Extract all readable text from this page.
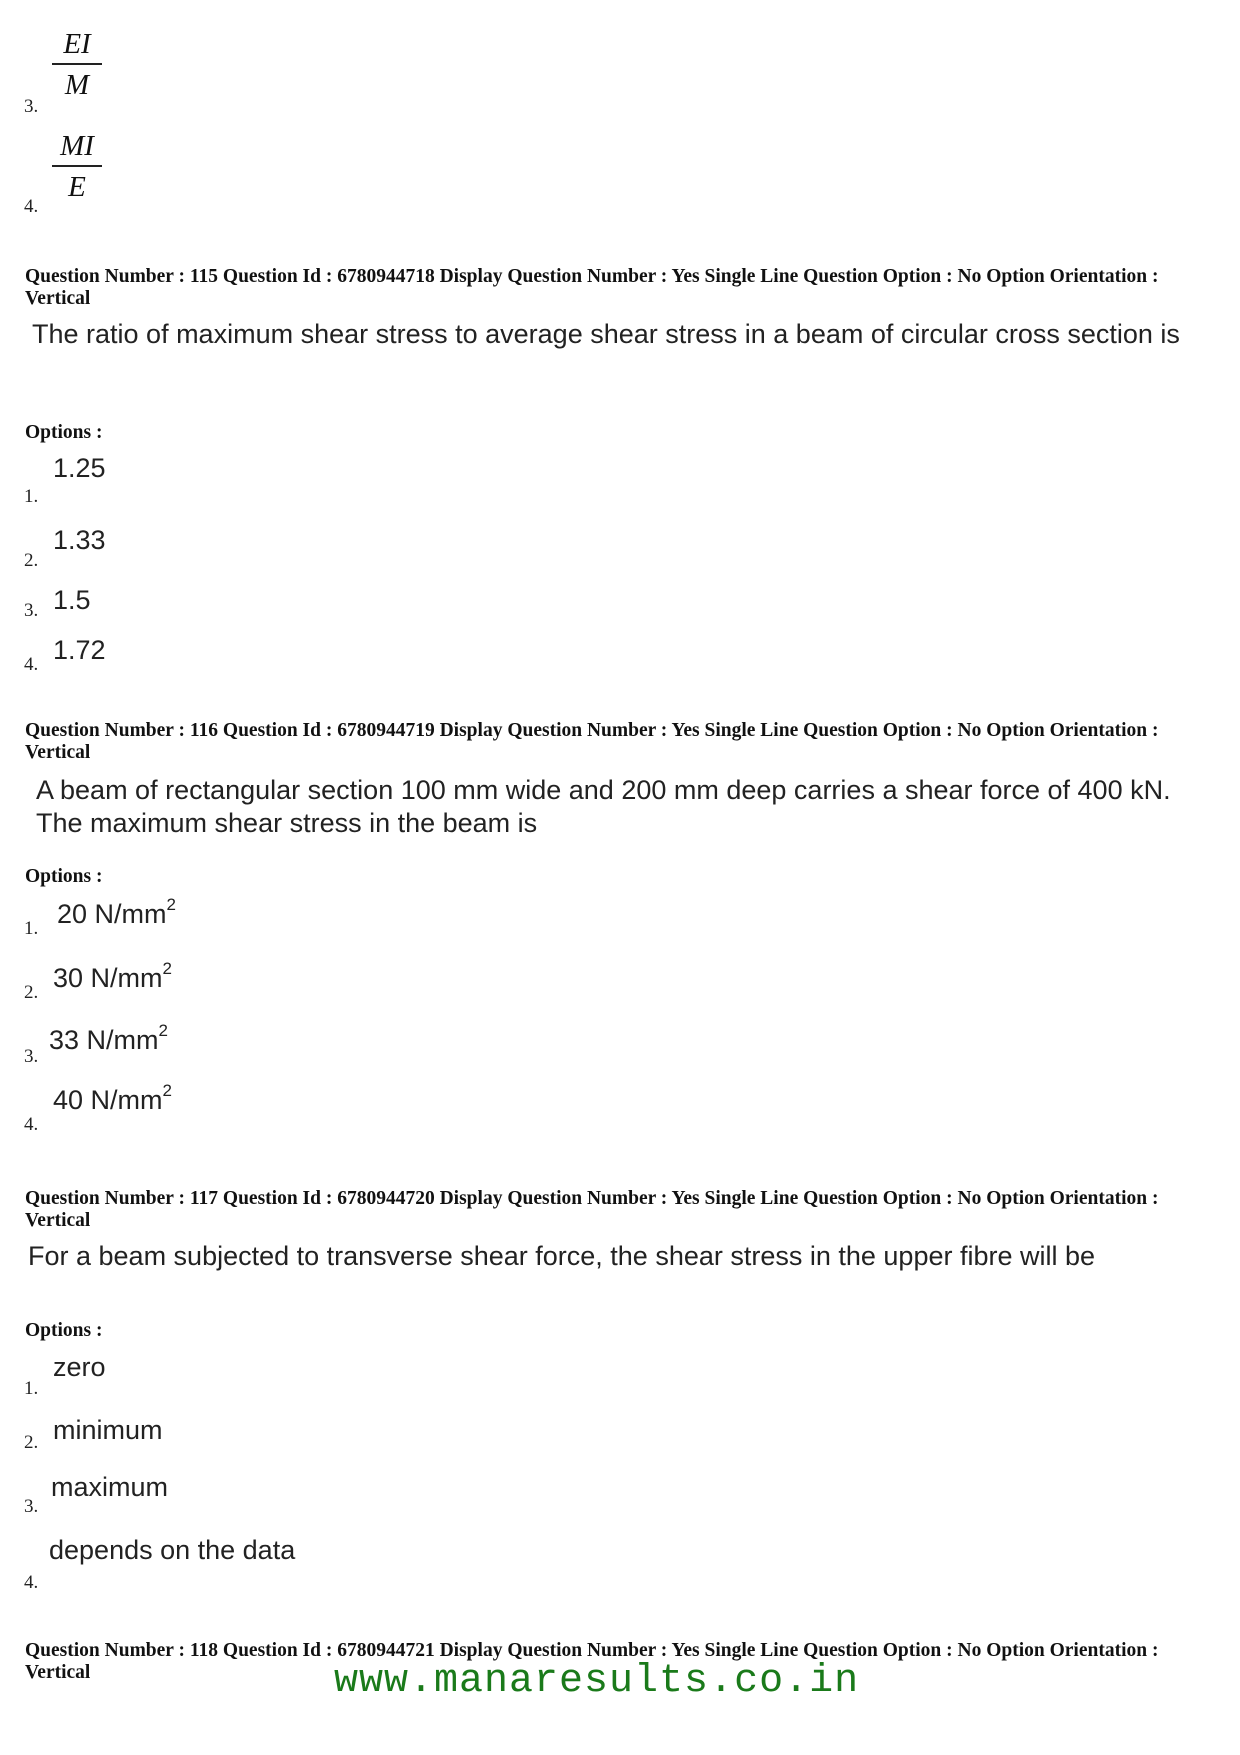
EI
M
3.
MI
E
4.
Question Number : 115 Question Id : 6780944718 Display Question Number : Yes Single Line Question Option : No Option Orientation : Vertical
The ratio of maximum shear stress to average shear stress in a beam of circular cross section is
Options :
1.
1.25
2.
1.33
3. 1.5
4. 1.72
Question Number : 116 Question Id : 6780944719 Display Question Number : Yes Single Line Question Option : No Option Orientation : Vertical
A beam of rectangular section 100 mm wide and 200 mm deep carries a shear force of 400 kN. The maximum shear stress in the beam is
Options :
1. 20 $N/mm^2$
2. 30 $N/mm^2$
3.
33 $N/mm^2$
4.
40 $N/mm^2$
Question Number : 117 Question Id : 6780944720 Display Question Number : Yes Single Line Question Option : No Option Orientation : Vertical
For a beam subjected to transverse shear force, the shear stress in the upper fibre will be
Options :
1.
zero
2. minimum
3.
maximum
4.
depends on the data
Question Number : 118 Question Id : 6780944721 Display Question Number : Yes Single Line Question Option : No Option Orientation : Vertical	www.manaresults.co.in
